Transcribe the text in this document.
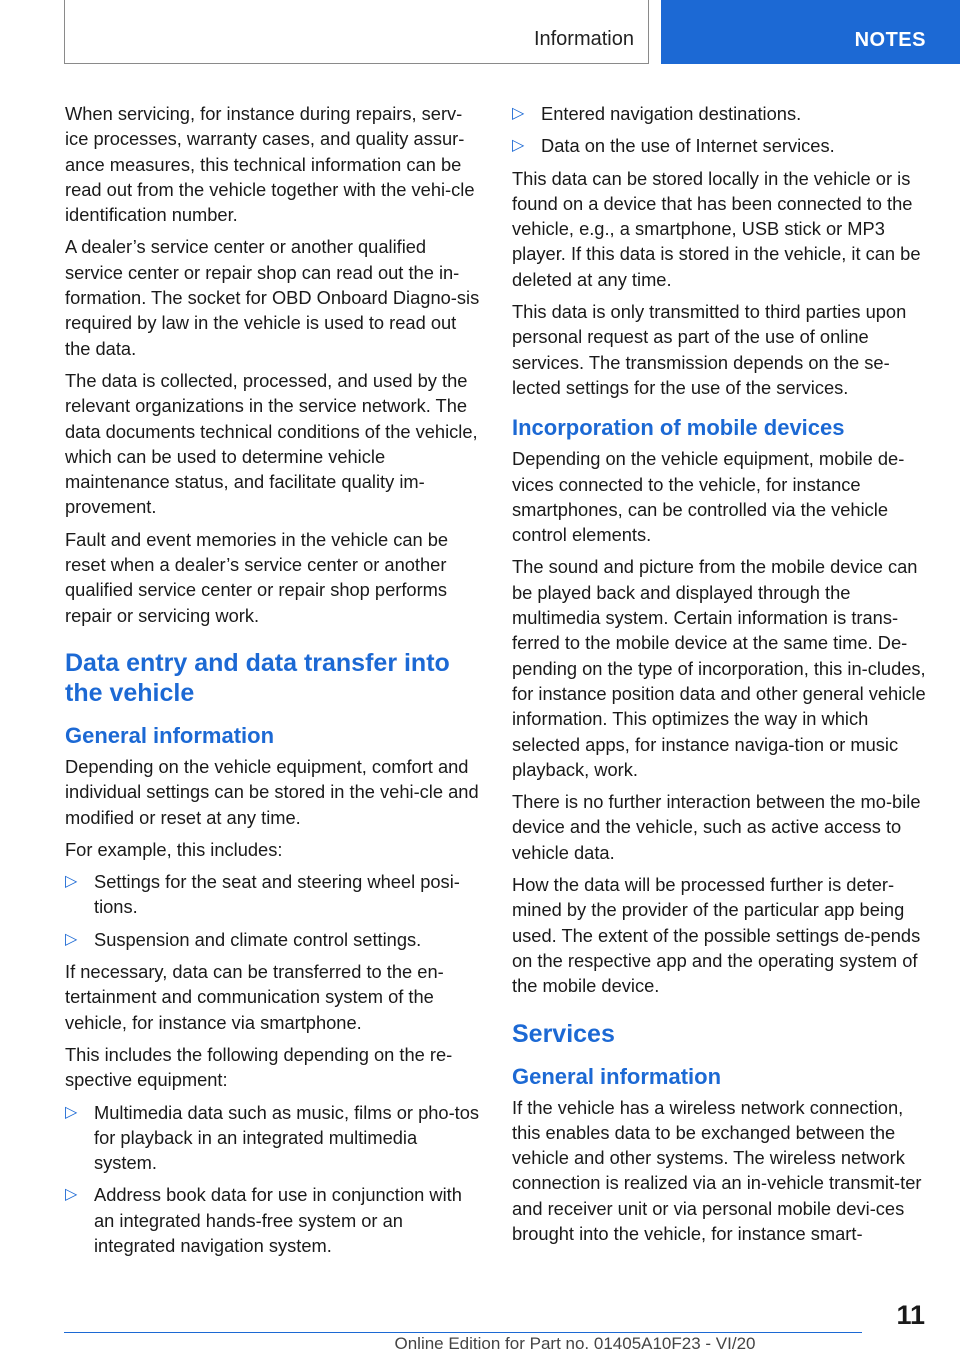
Information	NOTES

When servicing, for instance during repairs, serv-ice processes, warranty cases, and quality assur-ance measures, this technical information can be read out from the vehicle together with the vehi-cle identification number.

A dealer’s service center or another qualified service center or repair shop can read out the in-formation. The socket for OBD Onboard Diagno-sis required by law in the vehicle is used to read out the data.

The data is collected, processed, and used by the relevant organizations in the service network. The data documents technical conditions of the vehicle, which can be used to determine vehicle maintenance status, and facilitate quality im-provement.

Fault and event memories in the vehicle can be reset when a dealer’s service center or another qualified service center or repair shop performs repair or servicing work.

Data entry and data transfer into the vehicle
General information

Depending on the vehicle equipment, comfort and individual settings can be stored in the vehi-cle and modified or reset at any time.

For example, this includes:

▷ Settings for the seat and steering wheel posi-tions.
▷ Suspension and climate control settings.

If necessary, data can be transferred to the en-tertainment and communication system of the vehicle, for instance via smartphone.

This includes the following depending on the re-spective equipment:

▷ Multimedia data such as music, films or pho-tos for playback in an integrated multimedia system.
▷ Address book data for use in conjunction with an integrated hands-free system or an integrated navigation system.
▷ Entered navigation destinations.
▷ Data on the use of Internet services.

This data can be stored locally in the vehicle or is found on a device that has been connected to the vehicle, e.g., a smartphone, USB stick or MP3 player. If this data is stored in the vehicle, it can be deleted at any time.

This data is only transmitted to third parties upon personal request as part of the use of online services. The transmission depends on the se-lected settings for the use of the services.

Incorporation of mobile devices

Depending on the vehicle equipment, mobile de-vices connected to the vehicle, for instance smartphones, can be controlled via the vehicle control elements.

The sound and picture from the mobile device can be played back and displayed through the multimedia system. Certain information is trans-ferred to the mobile device at the same time. De-pending on the type of incorporation, this in-cludes, for instance position data and other general vehicle information. This optimizes the way in which selected apps, for instance naviga-tion or music playback, work.

There is no further interaction between the mo-bile device and the vehicle, such as active access to vehicle data.

How the data will be processed further is deter-mined by the provider of the particular app being used. The extent of the possible settings de-pends on the respective app and the operating system of the mobile device.

Services
General information

If the vehicle has a wireless network connection, this enables data to be exchanged between the vehicle and other systems. The wireless network connection is realized via an in-vehicle transmit-ter and receiver unit or via personal mobile devi-ces brought into the vehicle, for instance smart-

11
Online Edition for Part no. 01405A10F23 - VI/20
